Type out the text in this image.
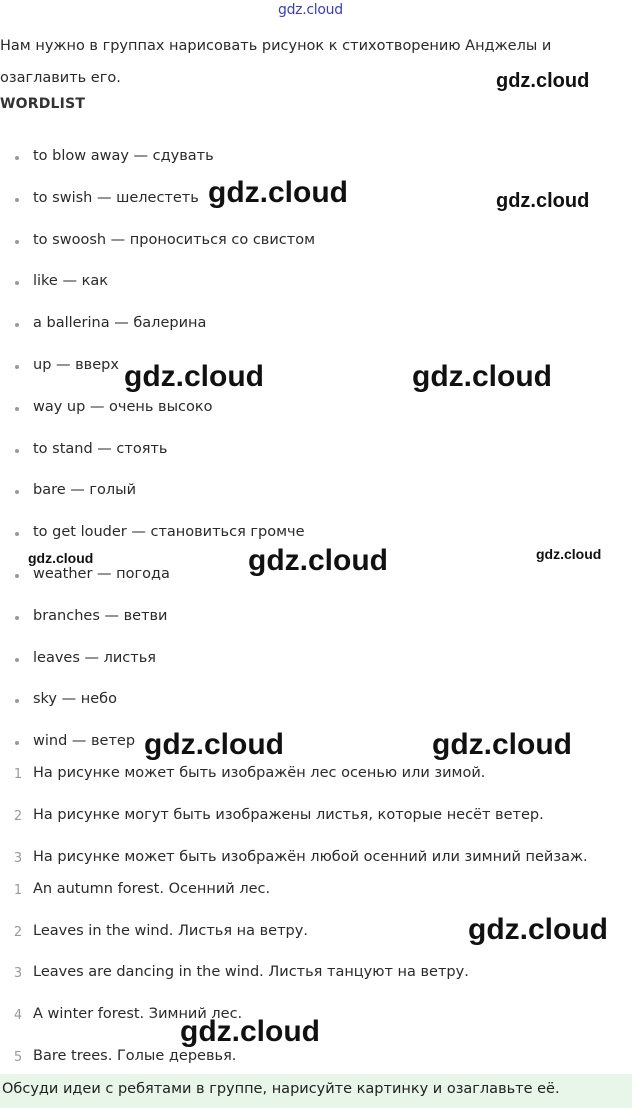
gdz.cloud
Нам нужно в группах нарисовать рисунок к стихотворению Анджелы и озаглавить его.
WORDLIST
to blow away — сдувать
to swish — шелестеть
to swoosh — проноситься со свистом
like — как
a ballerina — балерина
up — вверх
way up — очень высоко
to stand — стоять
bare — голый
to get louder — становиться громче
weather — погода
branches — ветви
leaves — листья
sky — небо
wind — ветер
1 На рисунке может быть изображён лес осенью или зимой.
2 На рисунке могут быть изображены листья, которые несёт ветер.
3 На рисунке может быть изображён любой осенний или зимний пейзаж.
1 An autumn forest. Осенний лес.
2 Leaves in the wind. Листья на ветру.
3 Leaves are dancing in the wind. Листья танцуют на ветру.
4 A winter forest. Зимний лес.
5 Bare trees. Голые деревья.
Обсуди идеи с ребятами в группе, нарисуйте картинку и озаглавьте её.
gdz.cloud
gdz.cloud	gdz.cloud
gdz.cloud	gdz.cloud
gdz.cloud	gdz.cloud	gdz.cloud
gdz.cloud	gdz.cloud
gdz.cloud
gdz.cloud
